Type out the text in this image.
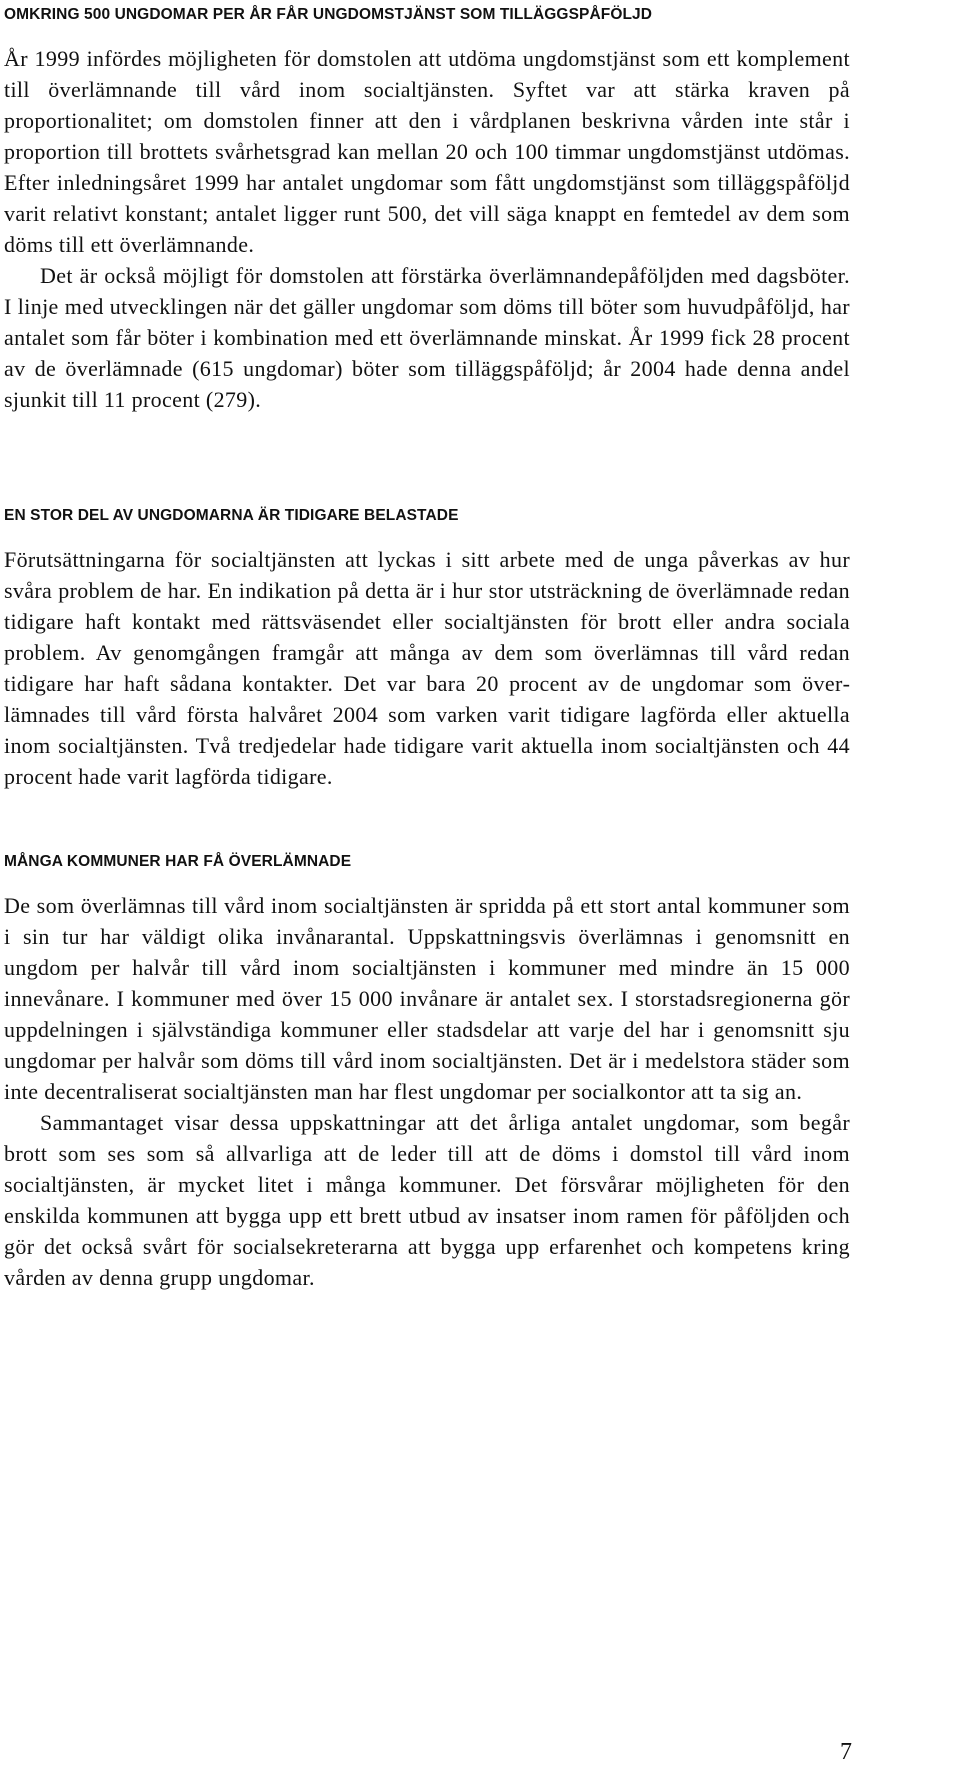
OMKRING 500 UNGDOMAR PER ÅR FÅR UNGDOMSTJÄNST SOM TILLÄGGSPÅFÖLJD

År 1999 infördes möjligheten för domstolen att utdöma ungdomstjänst som ett komplement till överlämnande till vård inom socialtjänsten. Syftet var att stärka kraven på proportionalitet; om domstolen finner att den i vårdplanen beskrivna vården inte står i proportion till brottets svårhetsgrad kan mellan 20 och 100 timmar ungdomstjänst utdömas. Efter inledningsåret 1999 har antalet ungdomar som fått ungdomstjänst som tilläggspåföljd varit relativt konstant; antalet ligger runt 500, det vill säga knappt en femtedel av dem som döms till ett överlämnande.

Det är också möjligt för domstolen att förstärka överlämnandepåföljden med dagsböter. I linje med utvecklingen när det gäller ungdomar som döms till böter som huvudpåföljd, har antalet som får böter i kombination med ett överlämnande minskat. År 1999 fick 28 procent av de överlämnade (615 ungdomar) böter som tilläggspåföljd; år 2004 hade denna andel sjunkit till 11 procent (279).

EN STOR DEL AV UNGDOMARNA ÄR TIDIGARE BELASTADE

Förutsättningarna för socialtjänsten att lyckas i sitt arbete med de unga påverkas av hur svåra problem de har. En indikation på detta är i hur stor utsträckning de överlämnade redan tidigare haft kontakt med rättsväsendet eller socialtjänsten för brott eller andra sociala problem. Av genomgången framgår att många av dem som överlämnas till vård redan tidigare har haft sådana kontakter. Det var bara 20 procent av de ungdomar som överlämnades till vård första halvåret 2004 som varken varit tidigare lagförda eller aktuella inom socialtjänsten. Två tredjedelar hade tidigare varit aktuella inom socialtjänsten och 44 procent hade varit lagförda tidigare.

MÅNGA KOMMUNER HAR FÅ ÖVERLÄMNADE

De som överlämnas till vård inom socialtjänsten är spridda på ett stort antal kommuner som i sin tur har väldigt olika invånarantal. Uppskattningsvis överlämnas i genomsnitt en ungdom per halvår till vård inom socialtjänsten i kommuner med mindre än 15 000 innevånare. I kommuner med över 15 000 invånare är antalet sex. I storstadsregionerna gör uppdelningen i självständiga kommuner eller stadsdelar att varje del har i genomsnitt sju ungdomar per halvår som döms till vård inom socialtjänsten. Det är i medelstora städer som inte decentraliserat socialtjänsten man har flest ungdomar per socialkontor att ta sig an.

Sammantaget visar dessa uppskattningar att det årliga antalet ungdomar, som begår brott som ses som så allvarliga att de leder till att de döms i domstol till vård inom socialtjänsten, är mycket litet i många kommuner. Det försvårar möjligheten för den enskilda kommunen att bygga upp ett brett utbud av insatser inom ramen för påföljden och gör det också svårt för socialsekreterarna att bygga upp erfarenhet och kompetens kring vården av denna grupp ungdomar.

7
